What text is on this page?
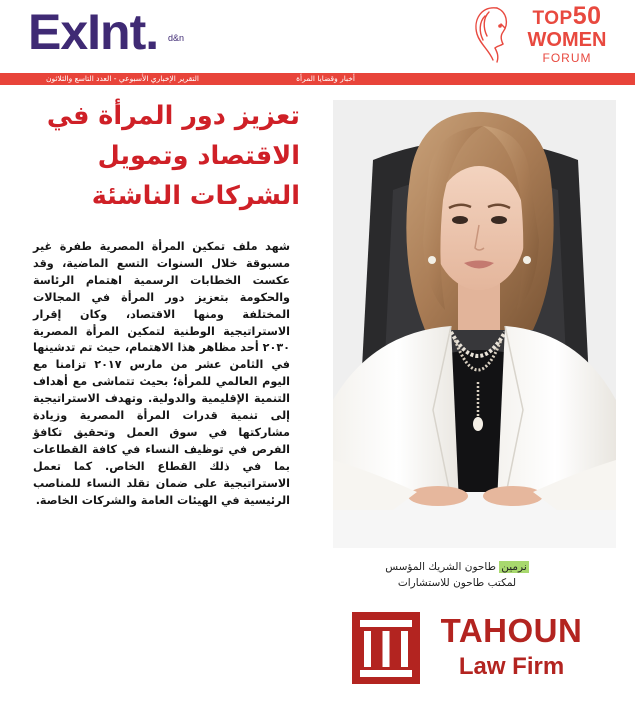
ExInt. d&n
TOP50
WOMEN
FORUM
التقرير الإخباري الأسبوعي - العدد التاسع والثلاثون	أخبار وقضايا المرأة
تعزيز دور المرأة في الاقتصاد وتمويل الشركات الناشئة

شهد ملف تمكين المرأة المصرية طفرة غير مسبوقة خلال السنوات التسع الماضية، وقد عكست الخطابات الرسمية اهتمام الرئاسة والحكومة بتعزيز دور المرأة في المجالات المختلفة ومنها الاقتصاد، وكان إقرار الاستراتيجية الوطنية لتمكين المرأة المصرية ٢٠٣٠ أحد مظاهر هذا الاهتمام، حيث تم تدشينها في الثامن عشر من مارس ٢٠١٧ تزامنا مع اليوم العالمي للمرأة؛ بحيث تتماشى مع أهداف التنمية الإقليمية والدولية. وتهدف الاستراتيجية إلى تنمية قدرات المرأة المصرية وزيادة مشاركتها في سوق العمل وتحقيق تكافؤ الفرص في توظيف النساء في كافة القطاعات بما في ذلك القطاع الخاص. كما تعمل الاستراتيجية على ضمان تقلد النساء للمناصب الرئيسية في الهيئات العامة والشركات الخاصة.

نرمين طاحون الشريك المؤسس
لمكتب طاحون للاستشارات
TAHOUN
Law Firm
